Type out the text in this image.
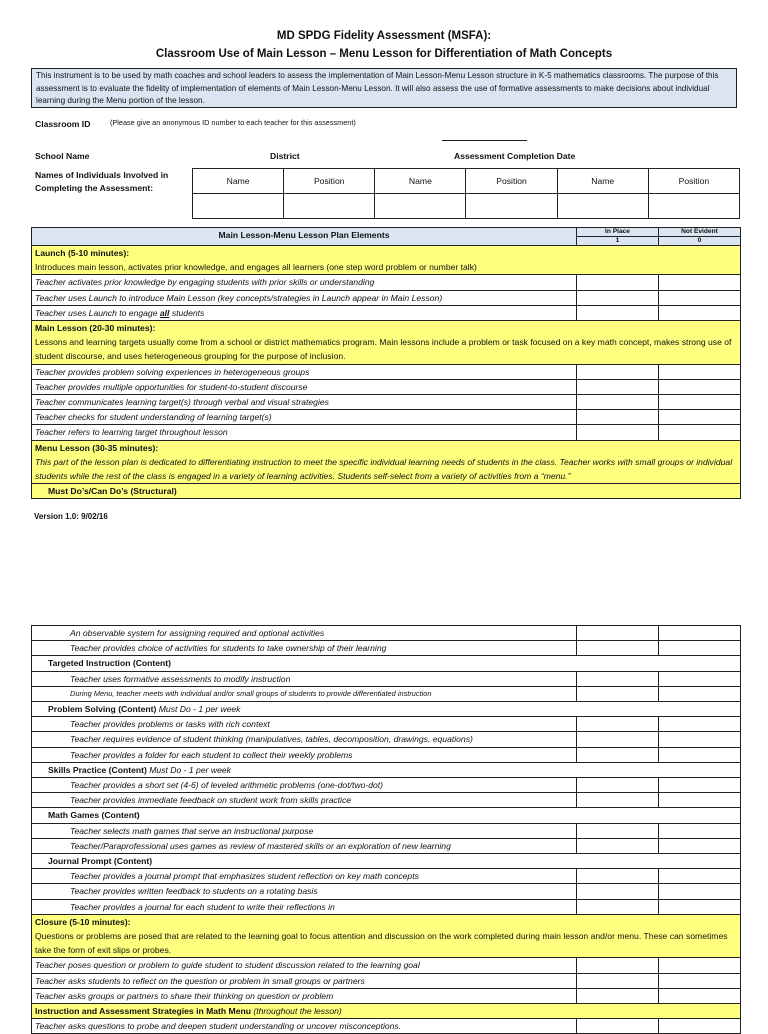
MD SPDG Fidelity Assessment (MSFA):
Classroom Use of Main Lesson – Menu Lesson for Differentiation of Math Concepts
This instrument is to be used by math coaches and school leaders to assess the implementation of Main Lesson-Menu Lesson structure in K-5 mathematics classrooms. The purpose of this assessment is to evaluate the fidelity of implementation of elements of Main Lesson-Menu Lesson. It will also assess the use of formative assessments to make decisions about individual learning during the Menu portion of the lesson.
Classroom ID	(Please give an anonymous ID number to each teacher for this assessment)
School Name	District	Assessment Completion Date
Names of Individuals Involved in Completing the Assessment:
Name	Position	Name	Position	Name	Position

Main Lesson-Menu Lesson Plan Elements	In Place	Not Evident
	1	0
Launch (5-10 minutes):
Introduces main lesson, activates prior knowledge, and engages all learners (one step word problem or number talk)		
Teacher activates prior knowledge by engaging students with prior skills or understanding		
Teacher uses Launch to introduce Main Lesson (key concepts/strategies in Launch appear in Main Lesson)		
Teacher uses Launch to engage all students		
Main Lesson (20-30 minutes):
Lessons and learning targets usually come from a school or district mathematics program. Main lessons include a problem or task focused on a key math concept, makes strong use of student discourse, and uses heterogeneous grouping for the purpose of inclusion.		
Teacher provides problem solving experiences in heterogeneous groups		
Teacher provides multiple opportunities for student-to-student discourse		
Teacher communicates learning target(s) through verbal and visual strategies		
Teacher checks for student understanding of learning target(s)		
Teacher refers to learning target throughout lesson		
Menu Lesson (30-35 minutes):
This part of the lesson plan is dedicated to differentiating instruction to meet the specific individual learning needs of students in the class. Teacher works with small groups or individual students while the rest of the class is engaged in a variety of learning activities. Students self-select from a variety of activities from a “menu.”		
Must Do’s/Can Do’s (Structural)		
Version 1.0: 9/02/16
An observable system for assigning required and optional activities		
Teacher provides choice of activities for students to take ownership of their learning		
Targeted Instruction (Content)		
Teacher uses formative assessments to modify instruction		
During Menu, teacher meets with individual and/or small groups of students to provide differentiated instruction		
Problem Solving (Content) Must Do - 1 per week		
Teacher provides problems or tasks with rich context		
Teacher requires evidence of student thinking (manipulatives, tables, decomposition, drawings, equations)		
Teacher provides a folder for each student to collect their weekly problems		
Skills Practice (Content) Must Do - 1 per week		
Teacher provides a short set (4-6) of leveled arithmetic problems (one-dot/two-dot)		
Teacher provides immediate feedback on student work from skills practice		
Math Games (Content)		
Teacher selects math games that serve an instructional purpose		
Teacher/Paraprofessional uses games as review of mastered skills or an exploration of new learning		
Journal Prompt (Content)		
Teacher provides a journal prompt that emphasizes student reflection on key math concepts		
Teacher provides written feedback to students on a rotating basis		
Teacher provides a journal for each student to write their reflections in		
Closure (5-10 minutes):
Questions or problems are posed that are related to the learning goal to focus attention and discussion on the work completed during main lesson and/or menu. These can sometimes take the form of exit slips or probes.		
Teacher poses question or problem to guide student to student discussion related to the learning goal		
Teacher asks students to reflect on the question or problem in small groups or partners		
Teacher asks groups or partners to share their thinking on question or problem		
Instruction and Assessment Strategies in Math Menu (throughout the lesson)		
Teacher asks questions to probe and deepen student understanding or uncover misconceptions.		
